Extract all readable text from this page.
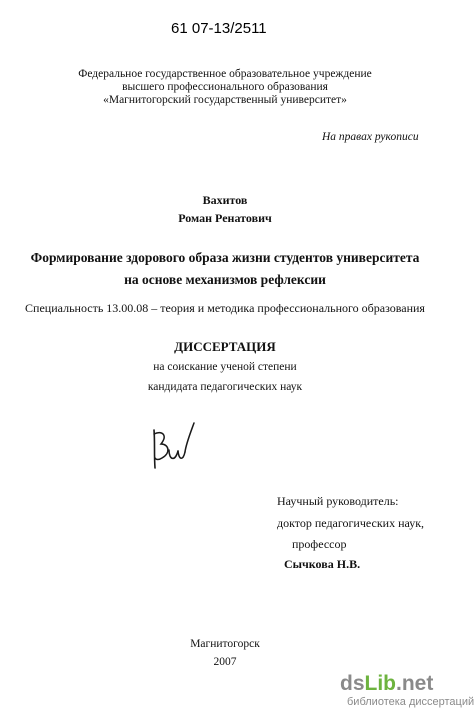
61 07-13/2511
Федеральное государственное образовательное учреждение
высшего профессионального образования
«Магнитогорский государственный университет»
На правах рукописи
Вахитов
Роман Ренатович
Формирование здорового образа жизни студентов университета
на основе механизмов рефлексии
Специальность 13.00.08 – теория и методика профессионального образования
ДИССЕРТАЦИЯ
на соискание ученой степени
кандидата педагогических наук
Научный руководитель:
доктор педагогических наук,
профессор
Сычкова Н.В.
Магнитогорск
2007
dsLib.net
библиотека диссертаций
